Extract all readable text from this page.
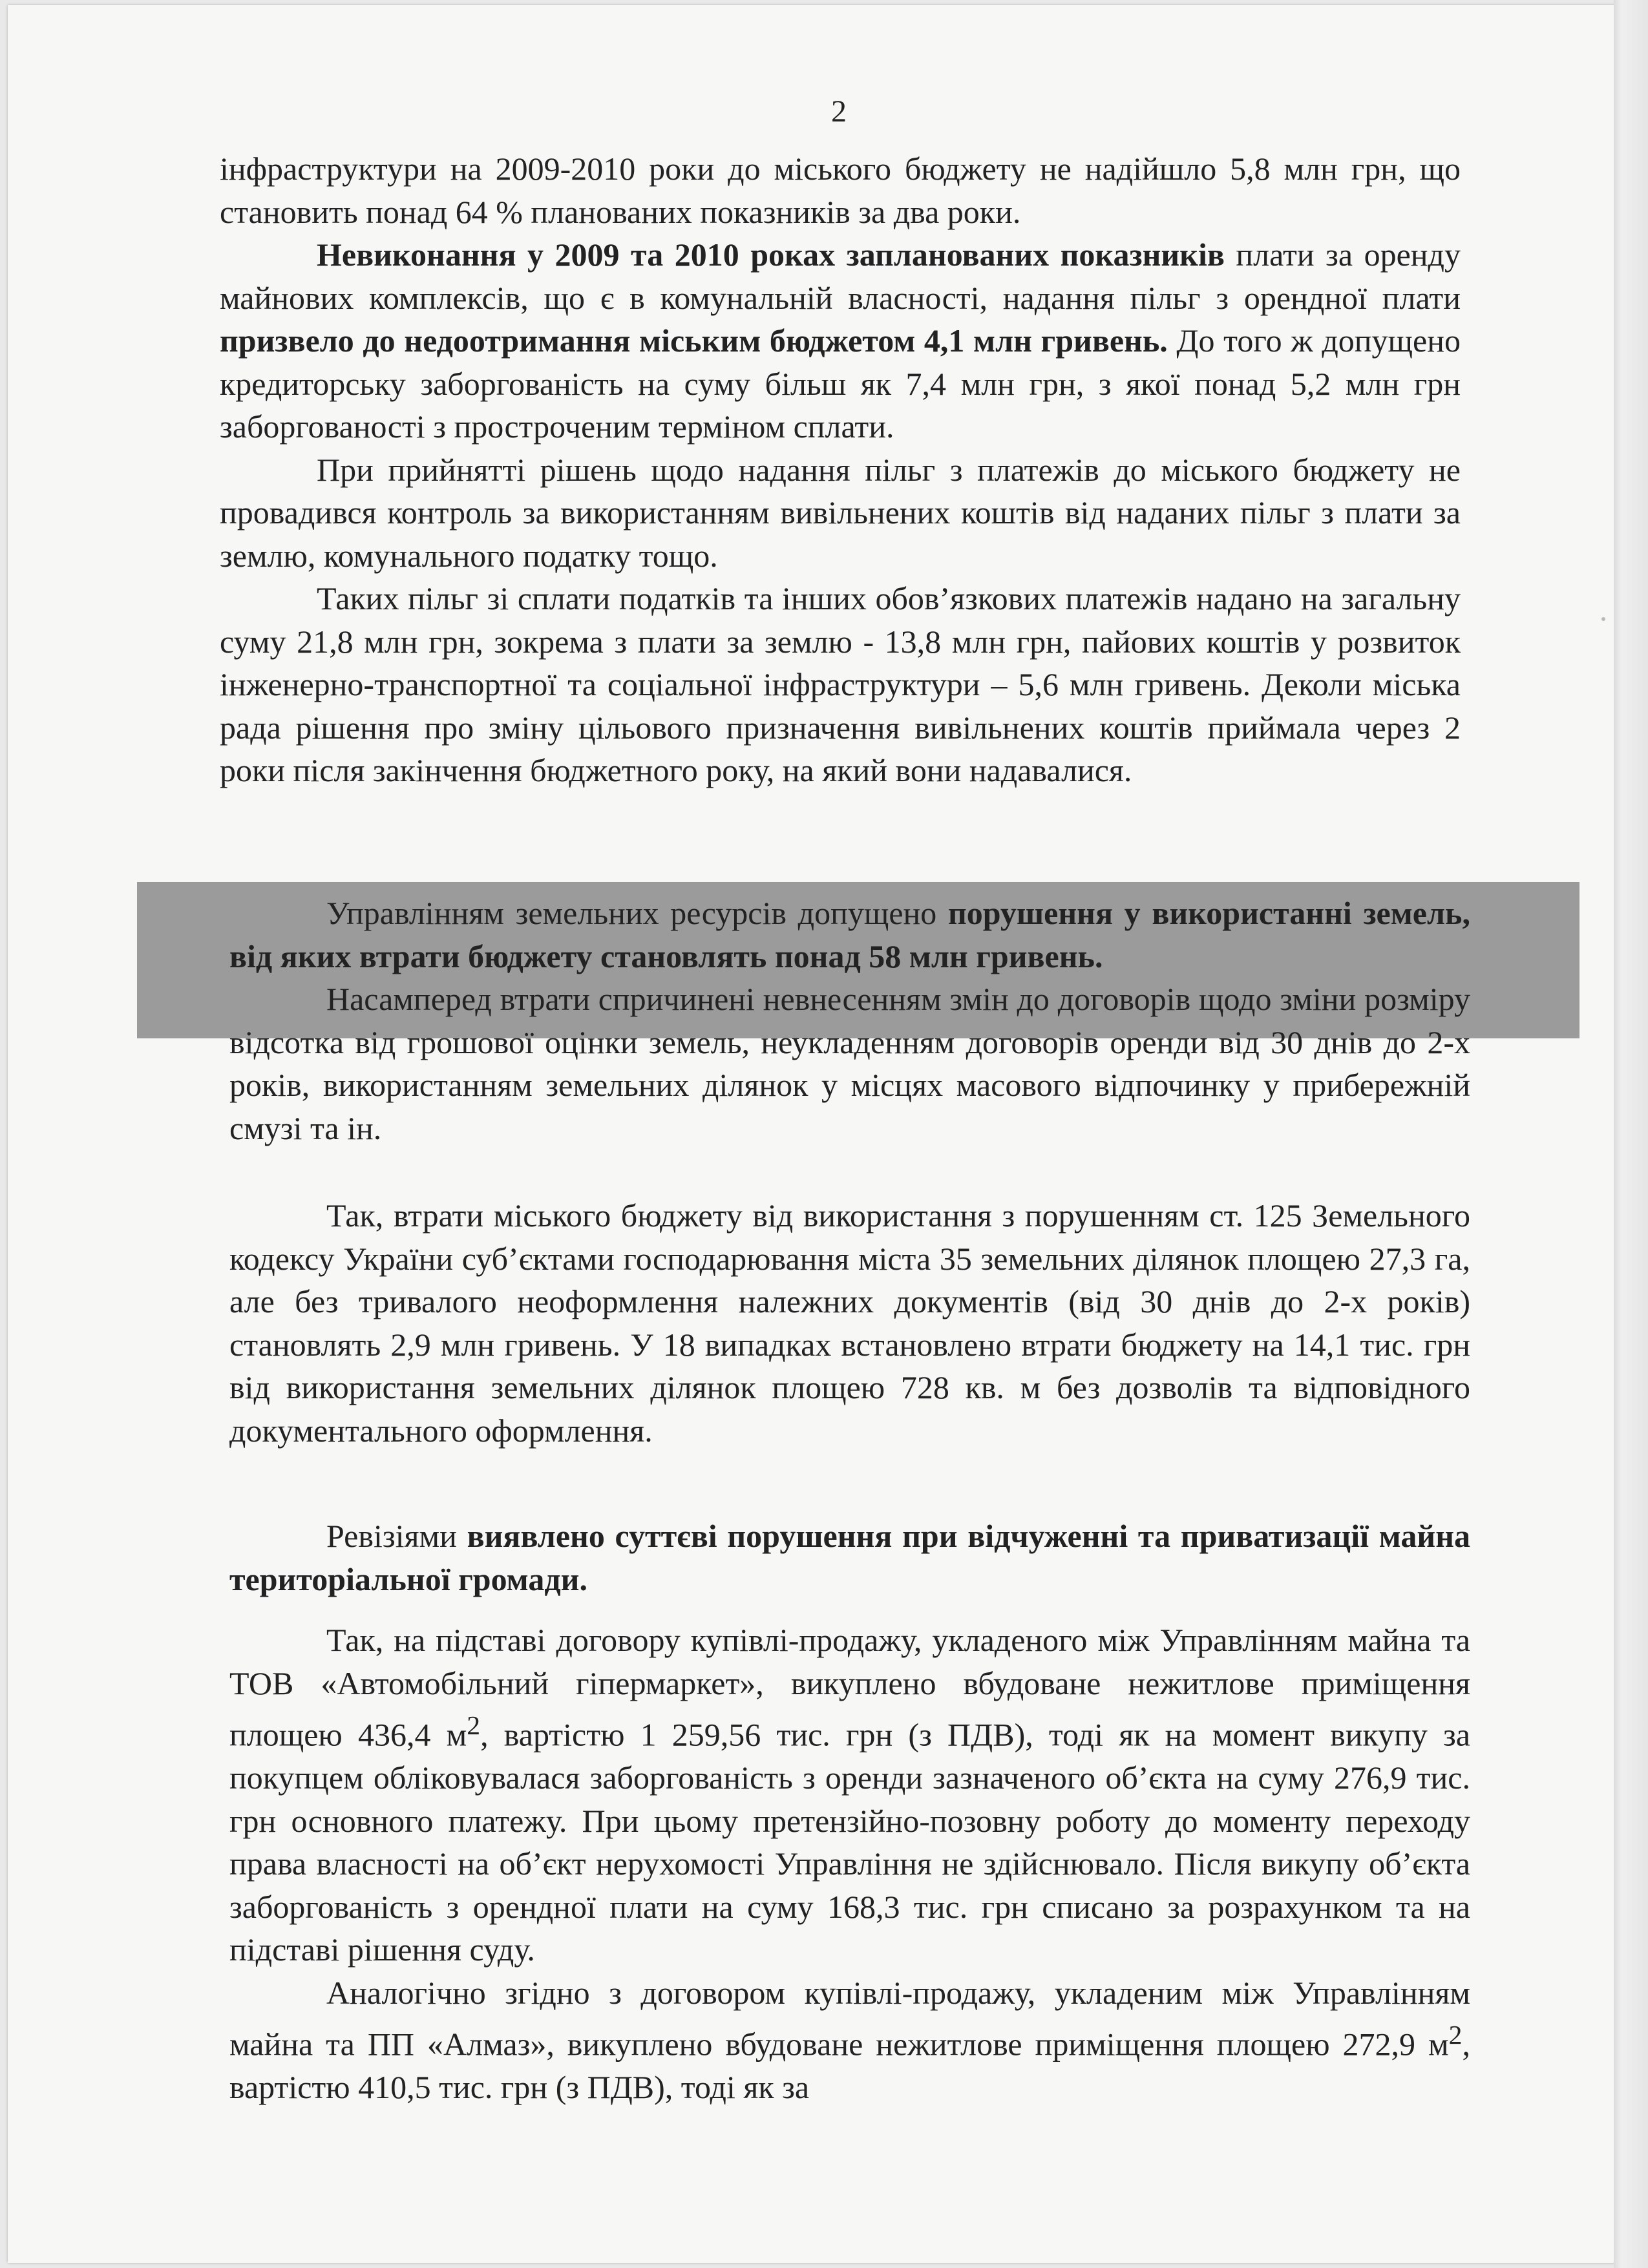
2

інфраструктури на 2009-2010 роки до міського бюджету не надійшло 5,8 млн грн, що становить понад 64 % планованих показників за два роки.

Невиконання у 2009 та 2010 роках запланованих показників плати за оренду майнових комплексів, що є в комунальній власності, надання пільг з орендної плати призвело до недоотримання міським бюджетом 4,1 млн гривень. До того ж допущено кредиторську заборгованість на суму більш як 7,4 млн грн, з якої понад 5,2 млн грн заборгованості з простроченим терміном сплати.

При прийнятті рішень щодо надання пільг з платежів до міського бюджету не провадився контроль за використанням вивільнених коштів від наданих пільг з плати за землю, комунального податку тощо.

Таких пільг зі сплати податків та інших обов’язкових платежів надано на загальну суму 21,8 млн грн, зокрема з плати за землю - 13,8 млн грн, пайових коштів у розвиток інженерно-транспортної та соціальної інфраструктури – 5,6 млн гривень. Деколи міська рада рішення про зміну цільового призначення вивільнених коштів приймала через 2 роки після закінчення бюджетного року, на який вони надавалися.

Управлінням земельних ресурсів допущено порушення у використанні земель, від яких втрати бюджету становлять понад 58 млн гривень.

Насамперед втрати спричинені невнесенням змін до договорів щодо зміни розміру відсотка від грошової оцінки земель, неукладенням договорів оренди від 30 днів до 2-х років, використанням земельних ділянок у місцях масового відпочинку у прибережній смузі та ін.

Так, втрати міського бюджету від використання з порушенням ст. 125 Земельного кодексу України суб’єктами господарювання міста 35 земельних ділянок площею 27,3 га, але без тривалого неоформлення належних документів (від 30 днів до 2-х років) становлять 2,9 млн гривень. У 18 випадках встановлено втрати бюджету на 14,1 тис. грн від використання земельних ділянок площею 728 кв. м без дозволів та відповідного документального оформлення.

Ревізіями виявлено суттєві порушення при відчуженні та приватизації майна територіальної громади.

Так, на підставі договору купівлі-продажу, укладеного між Управлінням майна та ТОВ «Автомобільний гіпермаркет», викуплено вбудоване нежитлове приміщення площею 436,4 $м^2$, вартістю 1 259,56 тис. грн (з ПДВ), тоді як на момент викупу за покупцем обліковувалася заборгованість з оренди зазначеного об’єкта на суму 276,9 тис. грн основного платежу. При цьому претензійно-позовну роботу до моменту переходу права власності на об’єкт нерухомості Управління не здійснювало. Після викупу об’єкта заборгованість з орендної плати на суму 168,3 тис. грн списано за розрахунком та на підставі рішення суду.

Аналогічно згідно з договором купівлі-продажу, укладеним між Управлінням майна та ПП «Алмаз», викуплено вбудоване нежитлове приміщення площею 272,9 $м^2$, вартістю 410,5 тис. грн (з ПДВ), тоді як за
